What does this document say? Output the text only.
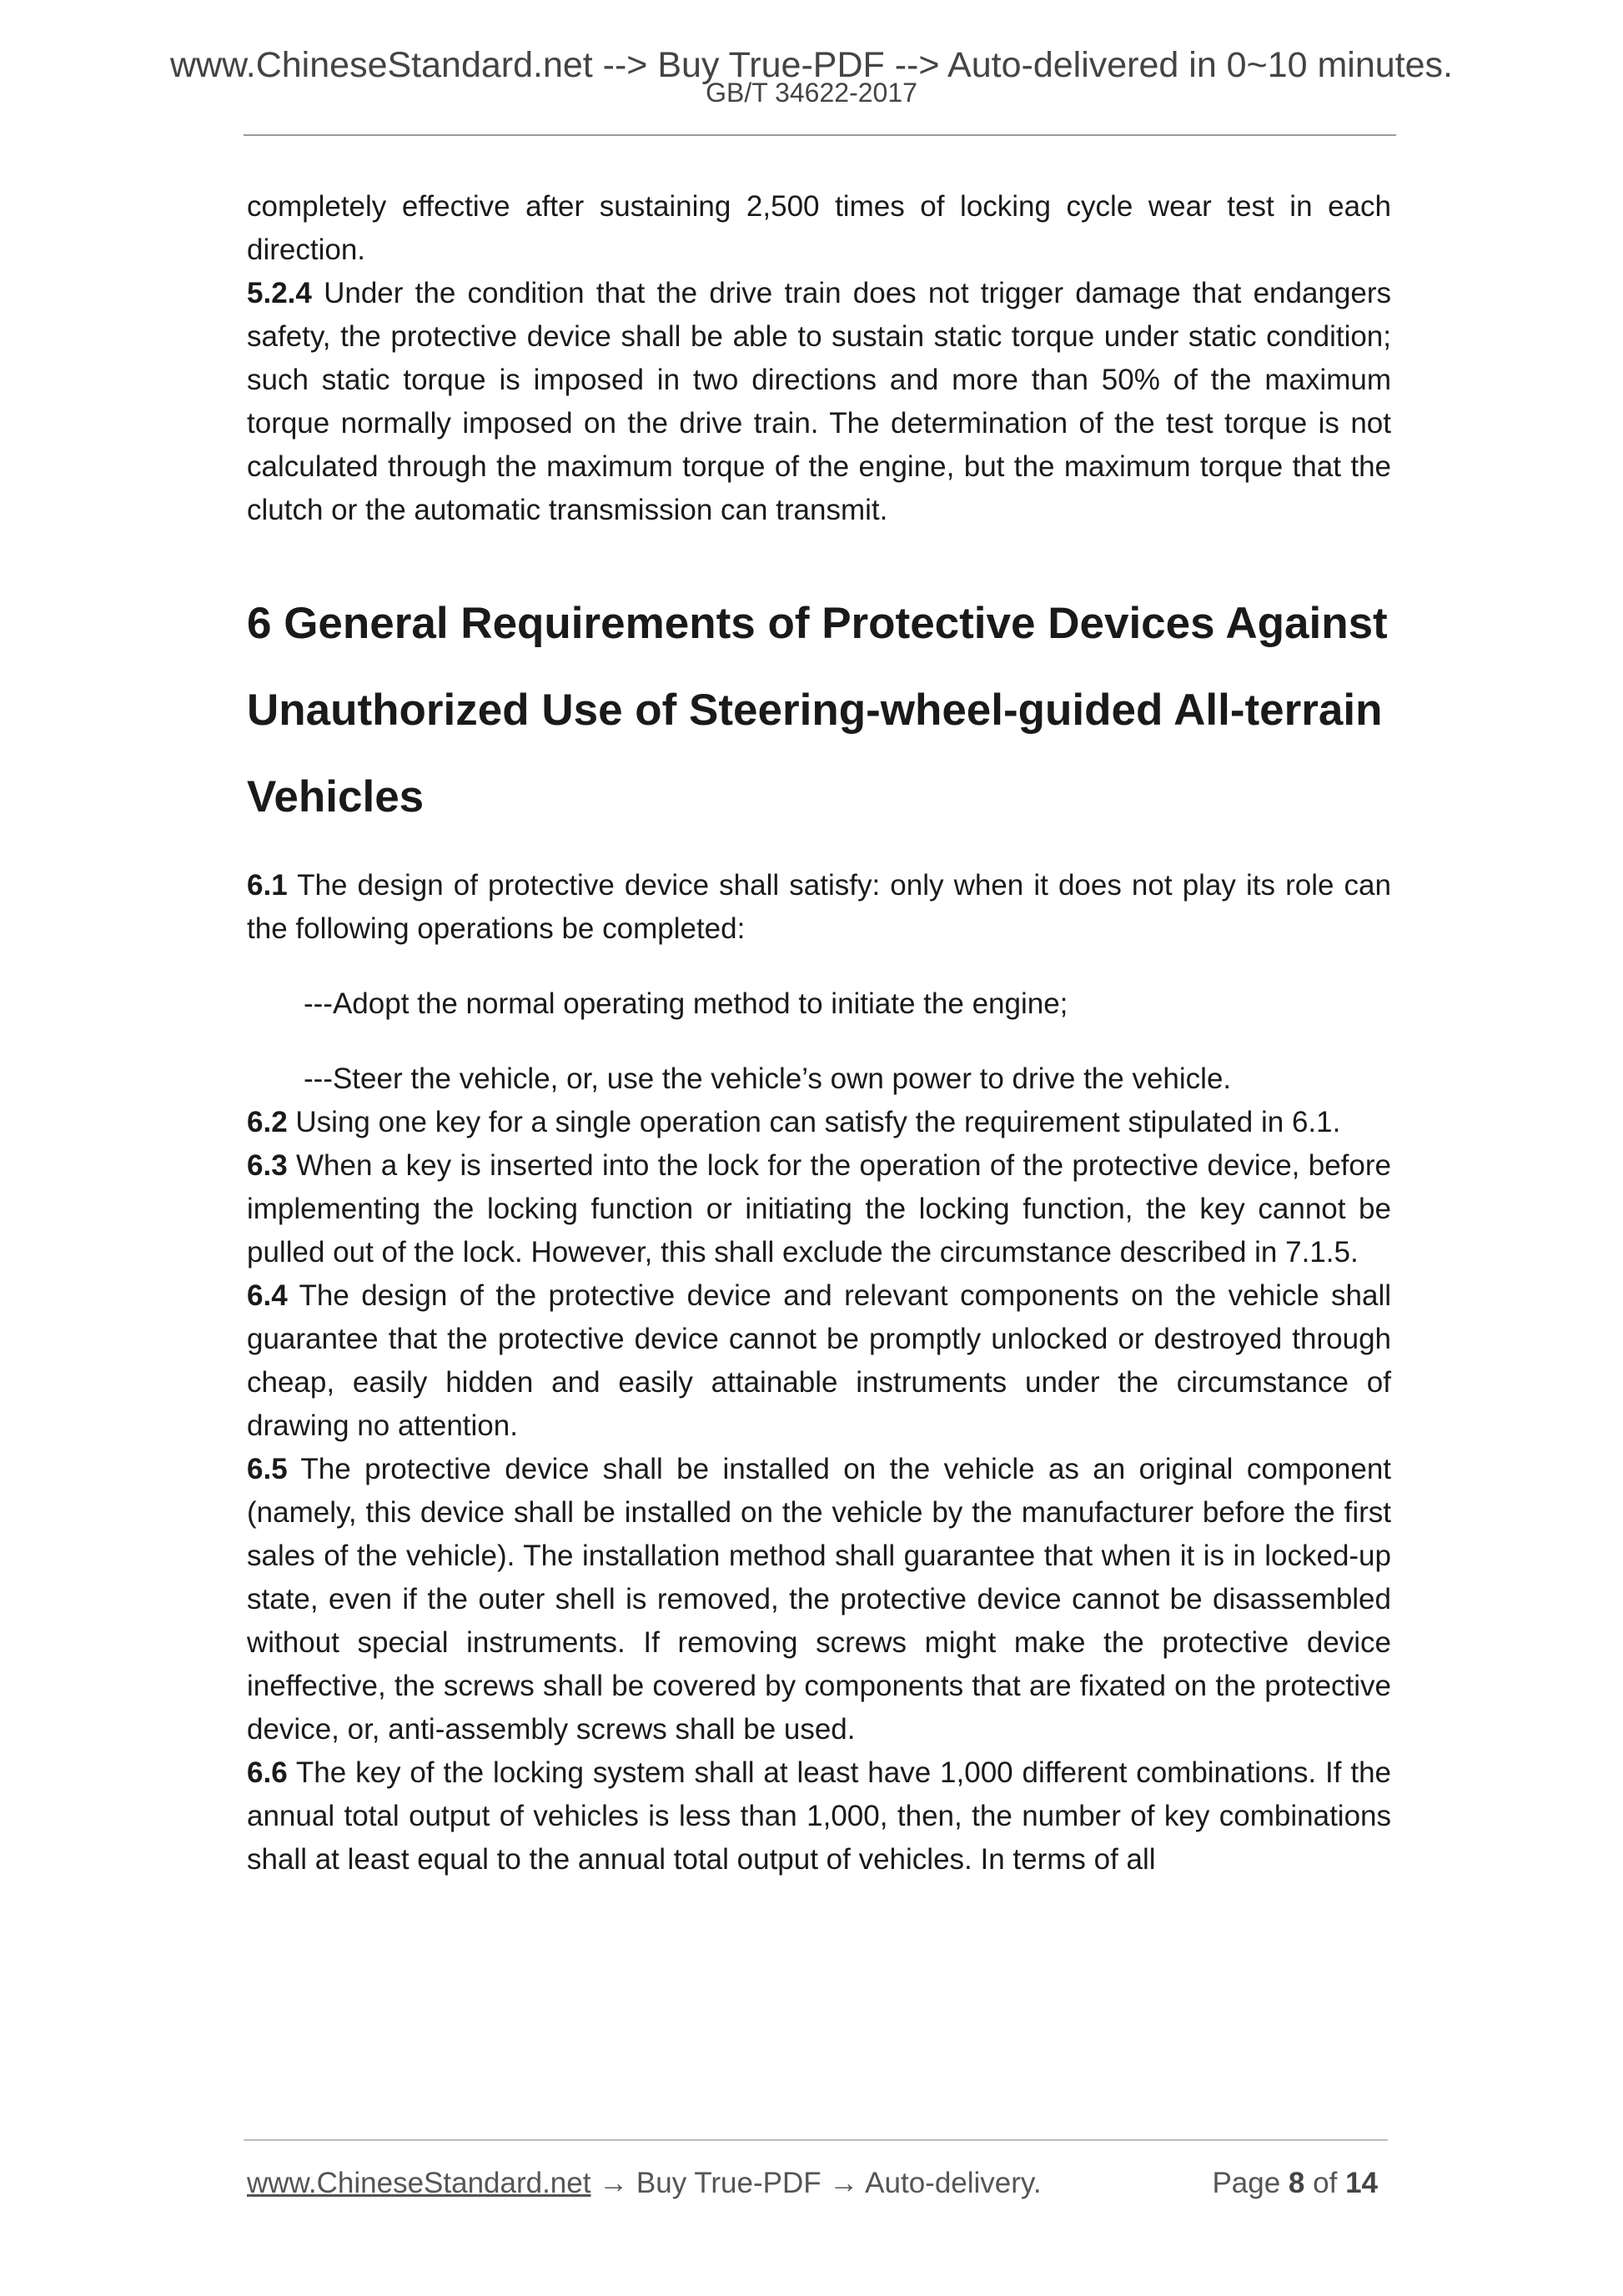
www.ChineseStandard.net --> Buy True-PDF --> Auto-delivered in 0~10 minutes.
GB/T 34622-2017

completely effective after sustaining 2,500 times of locking cycle wear test in each direction.

5.2.4 Under the condition that the drive train does not trigger damage that endangers safety, the protective device shall be able to sustain static torque under static condition; such static torque is imposed in two directions and more than 50% of the maximum torque normally imposed on the drive train. The determination of the test torque is not calculated through the maximum torque of the engine, but the maximum torque that the clutch or the automatic transmission can transmit.

6 General Requirements of Protective Devices Against Unauthorized Use of Steering-wheel-guided All-terrain Vehicles

6.1 The design of protective device shall satisfy: only when it does not play its role can the following operations be completed:

---Adopt the normal operating method to initiate the engine;

---Steer the vehicle, or, use the vehicle’s own power to drive the vehicle.

6.2 Using one key for a single operation can satisfy the requirement stipulated in 6.1.

6.3 When a key is inserted into the lock for the operation of the protective device, before implementing the locking function or initiating the locking function, the key cannot be pulled out of the lock. However, this shall exclude the circumstance described in 7.1.5.

6.4 The design of the protective device and relevant components on the vehicle shall guarantee that the protective device cannot be promptly unlocked or destroyed through cheap, easily hidden and easily attainable instruments under the circumstance of drawing no attention.

6.5 The protective device shall be installed on the vehicle as an original component (namely, this device shall be installed on the vehicle by the manufacturer before the first sales of the vehicle). The installation method shall guarantee that when it is in locked-up state, even if the outer shell is removed, the protective device cannot be disassembled without special instruments. If removing screws might make the protective device ineffective, the screws shall be covered by components that are fixated on the protective device, or, anti-assembly screws shall be used.

6.6 The key of the locking system shall at least have 1,000 different combinations. If the annual total output of vehicles is less than 1,000, then, the number of key combinations shall at least equal to the annual total output of vehicles. In terms of all

www.ChineseStandard.net → Buy True-PDF → Auto-delivery.	Page 8 of 14
